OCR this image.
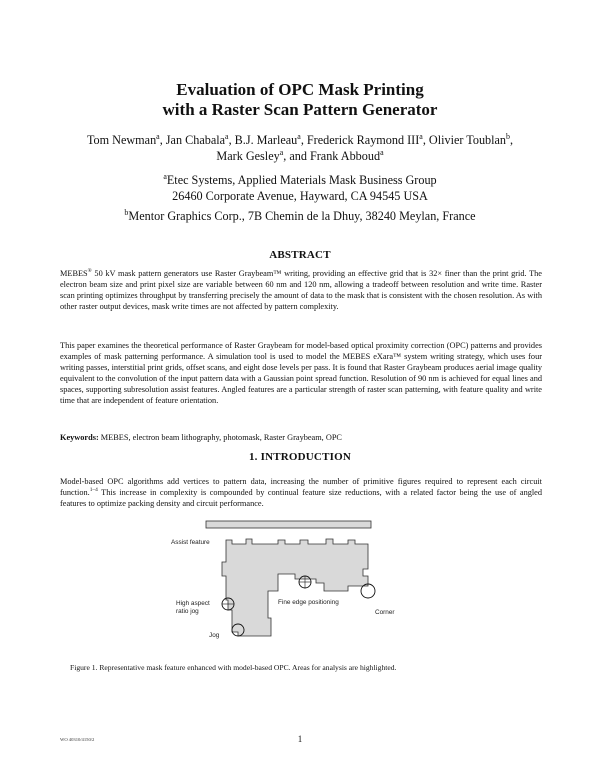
Evaluation of OPC Mask Printing
with a Raster Scan Pattern Generator
Tom Newman$^a$, Jan Chabala$^a$, B.J. Marleau$^a$, Frederick Raymond III$^a$, Olivier Toublan$^b$,
Mark Gesley$^a$, and Frank Abboud$^a$
$^a$Etec Systems, Applied Materials Mask Business Group
26460 Corporate Avenue, Hayward, CA 94545 USA
$^b$Mentor Graphics Corp., 7B Chemin de la Dhuy, 38240 Meylan, France
ABSTRACT
MEBES® 50 kV mask pattern generators use Raster Graybeam™ writing, providing an effective grid that is 32× finer than the print grid. The electron beam size and print pixel size are variable between 60 nm and 120 nm, allowing a tradeoff between resolution and write time. Raster scan printing optimizes throughput by transferring precisely the amount of data to the mask that is consistent with the chosen resolution. As with other raster output devices, mask write times are not affected by pattern complexity.
This paper examines the theoretical performance of Raster Graybeam for model-based optical proximity correction (OPC) patterns and provides examples of mask patterning performance. A simulation tool is used to model the MEBES eXara™ system writing strategy, which uses four writing passes, interstitial print grids, offset scans, and eight dose levels per pass. It is found that Raster Graybeam produces aerial image quality equivalent to the convolution of the input pattern data with a Gaussian point spread function. Resolution of 90 nm is achieved for equal lines and spaces, supporting subresolution assist features. Angled features are a particular strength of raster scan patterning, with feature quality and write time that are independent of feature orientation.
Keywords: MEBES, electron beam lithography, photomask, Raster Graybeam, OPC
1. INTRODUCTION
Model-based OPC algorithms add vertices to pattern data, increasing the number of primitive figures required to represent each circuit function.$^{1-4}$ This increase in complexity is compounded by continual feature size reductions, with a related factor being the use of angled features to optimize packing density and circuit performance.
Assist feature
High aspect
ratio jog
Fine edge positioning
Corner
Jog
Figure 1. Representative mask feature enhanced with model-based OPC. Areas for analysis are highlighted.
WO 40310/4150/2	1
